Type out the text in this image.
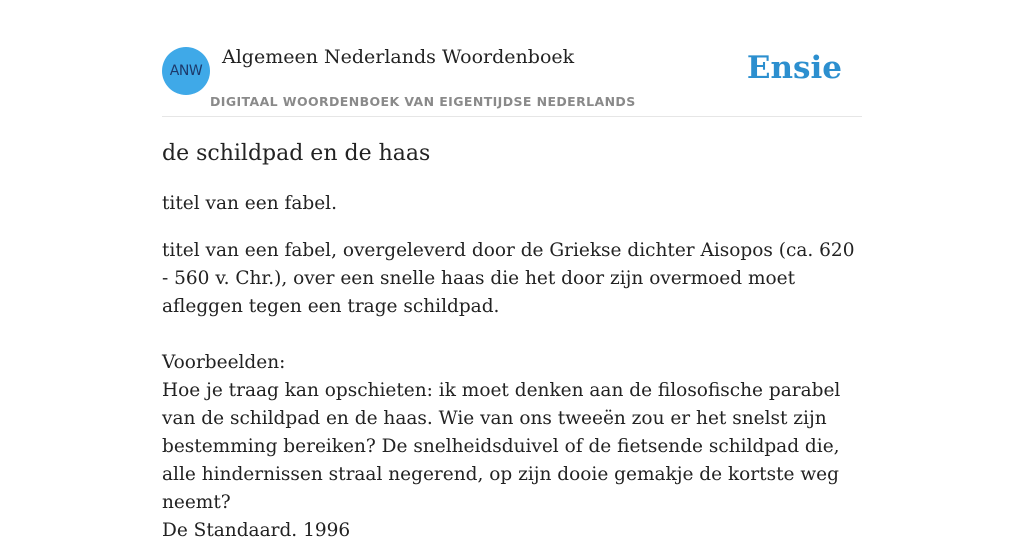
ANW
Algemeen Nederlands Woordenboek
DIGITAAL WOORDENBOEK VAN EIGENTIJDSE NEDERLANDS
Ensie
de schildpad en de haas

titel van een fabel.

titel van een fabel, overgeleverd door de Griekse dichter Aisopos (ca. 620 - 560 v. Chr.), over een snelle haas die het door zijn overmoed moet afleggen tegen een trage schildpad.

Voorbeelden:

Hoe je traag kan opschieten: ik moet denken aan de filosofische parabel van de schildpad en de haas. Wie van ons tweeën zou er het snelst zijn bestemming bereiken? De snelheidsduivel of de fietsende schildpad die, alle hindernissen straal negerend, op zijn dooie gemakje de kortste weg neemt?

De Standaard. 1996
